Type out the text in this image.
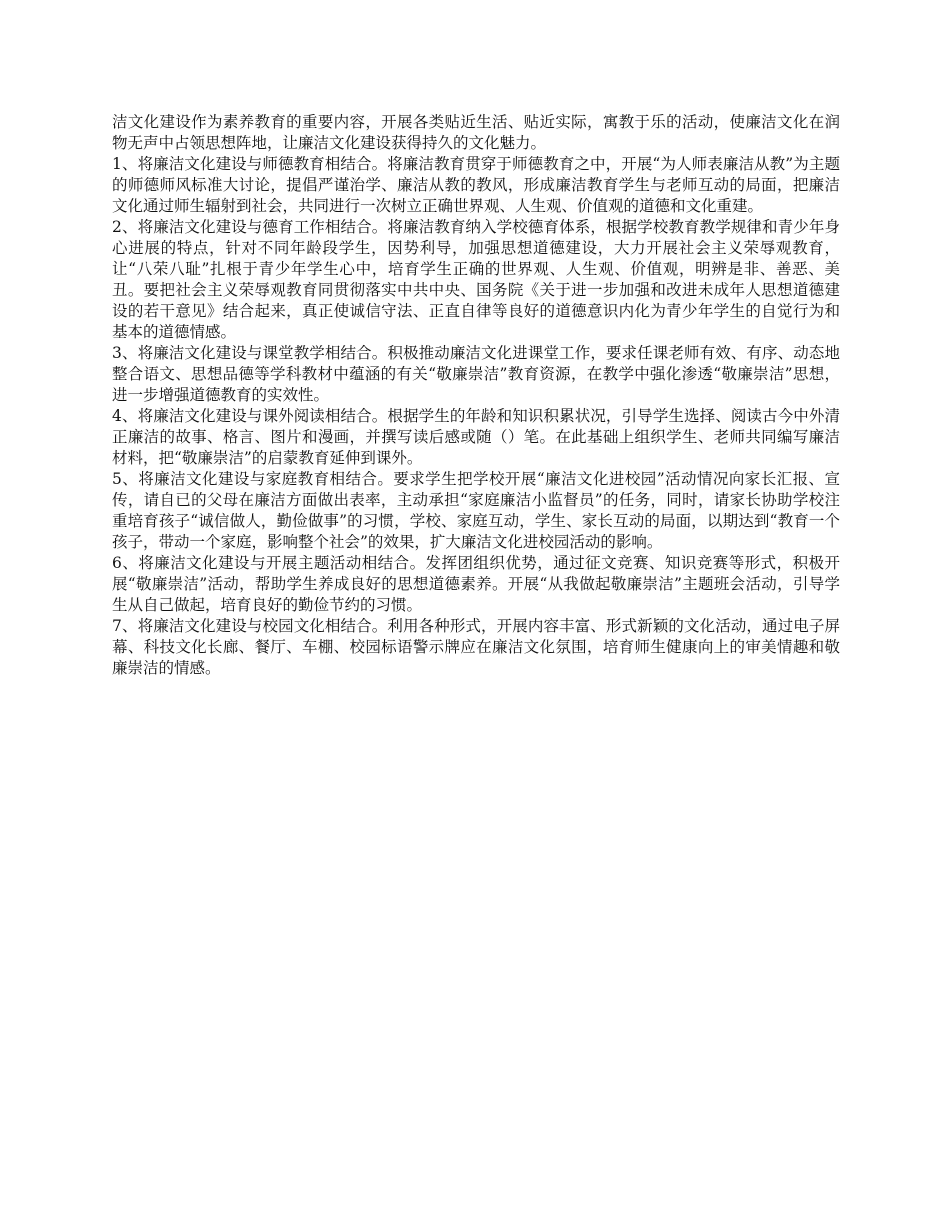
洁文化建设作为素养教育的重要内容，开展各类贴近生活、贴近实际，寓教于乐的活动，使廉洁文化在润物无声中占领思想阵地，让廉洁文化建设获得持久的文化魅力。

1、将廉洁文化建设与师德教育相结合。将廉洁教育贯穿于师德教育之中，开展“为人师表廉洁从教”为主题的师德师风标准大讨论，提倡严谨治学、廉洁从教的教风，形成廉洁教育学生与老师互动的局面，把廉洁文化通过师生辐射到社会，共同进行一次树立正确世界观、人生观、价值观的道德和文化重建。

2、将廉洁文化建设与德育工作相结合。将廉洁教育纳入学校德育体系，根据学校教育教学规律和青少年身心进展的特点，针对不同年龄段学生，因势利导，加强思想道德建设，大力开展社会主义荣辱观教育，让“八荣八耻”扎根于青少年学生心中，培育学生正确的世界观、人生观、价值观，明辨是非、善恶、美丑。要把社会主义荣辱观教育同贯彻落实中共中央、国务院《关于进一步加强和改进未成年人思想道德建设的若干意见》结合起来，真正使诚信守法、正直自律等良好的道德意识内化为青少年学生的自觉行为和基本的道德情感。

3、将廉洁文化建设与课堂教学相结合。积极推动廉洁文化进课堂工作，要求任课老师有效、有序、动态地整合语文、思想品德等学科教材中蕴涵的有关“敬廉崇洁”教育资源，在教学中强化渗透“敬廉崇洁”思想，进一步增强道德教育的实效性。

4、将廉洁文化建设与课外阅读相结合。根据学生的年龄和知识积累状况，引导学生选择、阅读古今中外清正廉洁的故事、格言、图片和漫画，并撰写读后感或随（）笔。在此基础上组织学生、老师共同编写廉洁材料，把“敬廉崇洁”的启蒙教育延伸到课外。

5、将廉洁文化建设与家庭教育相结合。要求学生把学校开展“廉洁文化进校园”活动情况向家长汇报、宣传，请自已的父母在廉洁方面做出表率，主动承担“家庭廉洁小监督员”的任务，同时，请家长协助学校注重培育孩子“诚信做人，勤俭做事”的习惯，学校、家庭互动，学生、家长互动的局面，以期达到“教育一个孩子，带动一个家庭，影响整个社会”的效果，扩大廉洁文化进校园活动的影响。

6、将廉洁文化建设与开展主题活动相结合。发挥团组织优势，通过征文竞赛、知识竞赛等形式，积极开展“敬廉崇洁”活动，帮助学生养成良好的思想道德素养。开展“从我做起敬廉崇洁”主题班会活动，引导学生从自己做起，培育良好的勤俭节约的习惯。

7、将廉洁文化建设与校园文化相结合。利用各种形式，开展内容丰富、形式新颖的文化活动，通过电子屏幕、科技文化长廊、餐厅、车棚、校园标语警示牌应在廉洁文化氛围，培育师生健康向上的审美情趣和敬廉崇洁的情感。
